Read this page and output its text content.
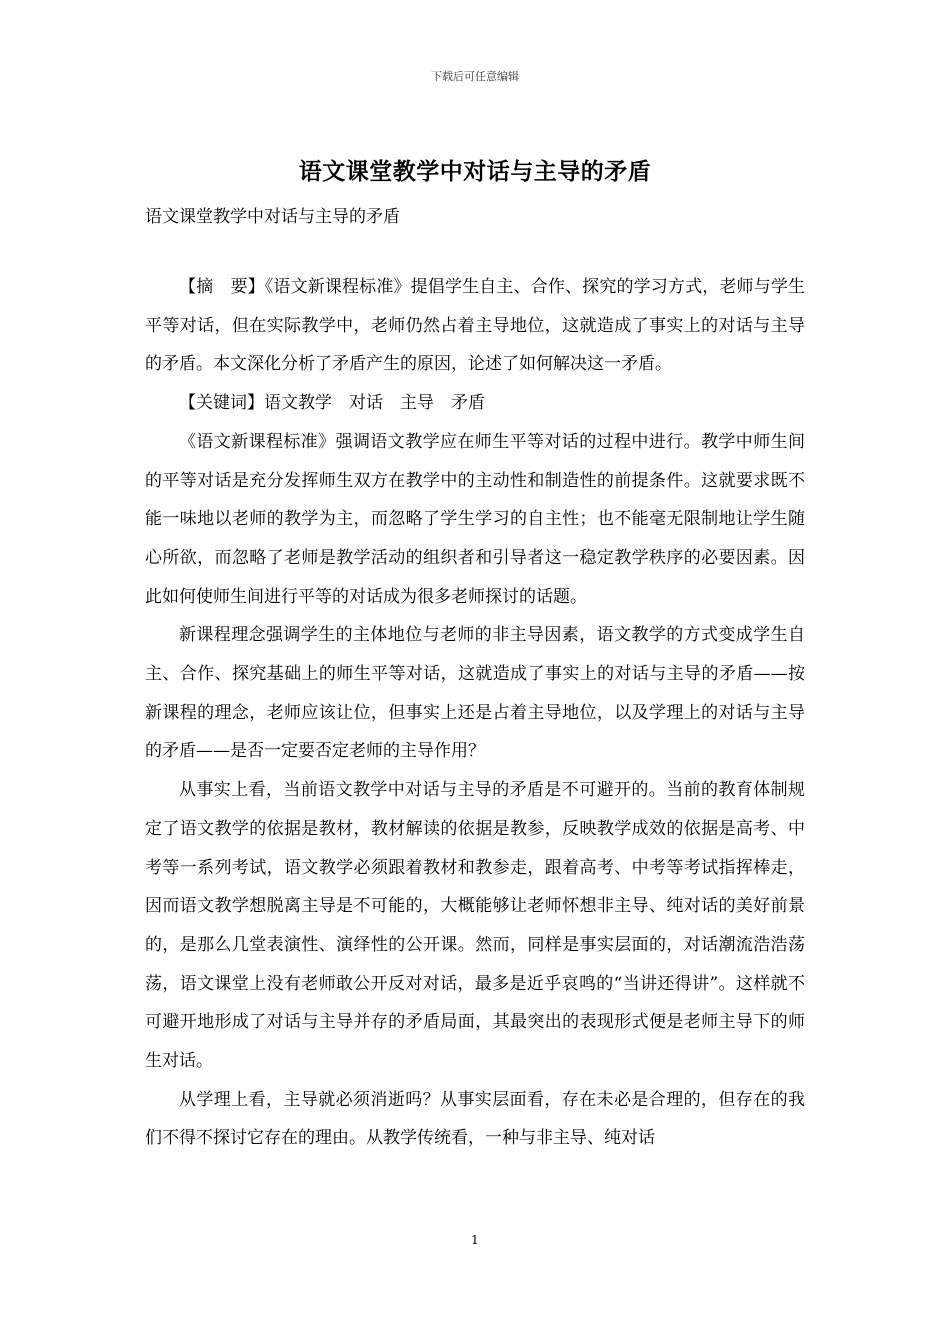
下载后可任意编辑
语文课堂教学中对话与主导的矛盾
语文课堂教学中对话与主导的矛盾

【摘　要】《语文新课程标准》提倡学生自主、合作、探究的学习方式，老师与学生平等对话，但在实际教学中，老师仍然占着主导地位，这就造成了事实上的对话与主导的矛盾。本文深化分析了矛盾产生的原因，论述了如何解决这一矛盾。

【关键词】语文教学　对话　主导　矛盾

《语文新课程标准》强调语文教学应在师生平等对话的过程中进行。教学中师生间的平等对话是充分发挥师生双方在教学中的主动性和制造性的前提条件。这就要求既不能一味地以老师的教学为主，而忽略了学生学习的自主性；也不能毫无限制地让学生随心所欲，而忽略了老师是教学活动的组织者和引导者这一稳定教学秩序的必要因素。因此如何使师生间进行平等的对话成为很多老师探讨的话题。

新课程理念强调学生的主体地位与老师的非主导因素，语文教学的方式变成学生自主、合作、探究基础上的师生平等对话，这就造成了事实上的对话与主导的矛盾——按新课程的理念，老师应该让位，但事实上还是占着主导地位，以及学理上的对话与主导的矛盾——是否一定要否定老师的主导作用？

从事实上看，当前语文教学中对话与主导的矛盾是不可避开的。当前的教育体制规定了语文教学的依据是教材，教材解读的依据是教参，反映教学成效的依据是高考、中考等一系列考试，语文教学必须跟着教材和教参走，跟着高考、中考等考试指挥棒走，因而语文教学想脱离主导是不可能的，大概能够让老师怀想非主导、纯对话的美好前景的，是那么几堂表演性、演绎性的公开课。然而，同样是事实层面的，对话潮流浩浩荡荡，语文课堂上没有老师敢公开反对对话，最多是近乎哀鸣的“当讲还得讲”。这样就不可避开地形成了对话与主导并存的矛盾局面，其最突出的表现形式便是老师主导下的师生对话。

从学理上看，主导就必须消逝吗？从事实层面看，存在未必是合理的，但存在的我们不得不探讨它存在的理由。从教学传统看，一种与非主导、纯对话

1
